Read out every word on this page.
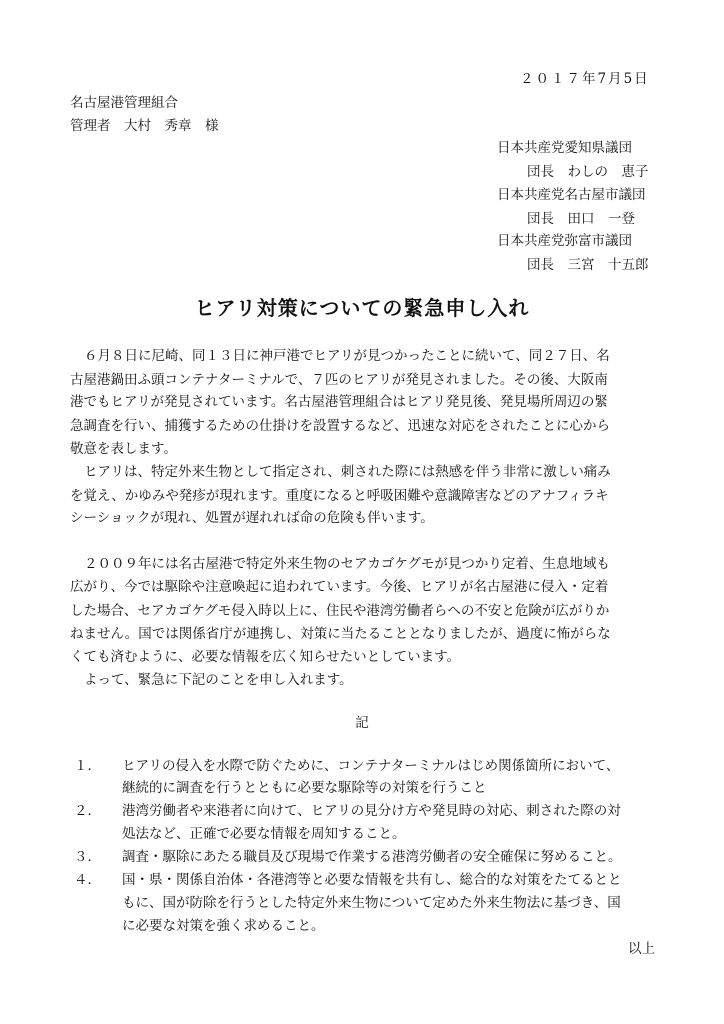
２０１７年7月5日
名古屋港管理組合
管理者　大村　秀章　様
日本共産党愛知県議団
団長　わしの　恵子
日本共産党名古屋市議団
団長　田口　一登
日本共産党弥富市議団
団長　三宮　十五郎
ヒアリ対策についての緊急申し入れ
６月８日に尼崎、同１３日に神戸港でヒアリが見つかったことに続いて、同２７日、名
古屋港鍋田ふ頭コンテナターミナルで、７匹のヒアリが発見されました。その後、大阪南
港でもヒアリが発見されています。名古屋港管理組合はヒアリ発見後、発見場所周辺の緊
急調査を行い、捕獲するための仕掛けを設置するなど、迅速な対応をされたことに心から
敬意を表します。
ヒアリは、特定外来生物として指定され、刺された際には熱感を伴う非常に激しい痛み
を覚え、かゆみや発疹が現れます。重度になると呼吸困難や意識障害などのアナフィラキ
シーショックが現れ、処置が遅れれば命の危険も伴います。
２００９年には名古屋港で特定外来生物のセアカゴケグモが見つかり定着、生息地域も
広がり、今では駆除や注意喚起に追われています。今後、ヒアリが名古屋港に侵入・定着
した場合、セアカゴケグモ侵入時以上に、住民や港湾労働者らへの不安と危険が広がりか
ねません。国では関係省庁が連携し、対策に当たることとなりましたが、過度に怖がらな
くても済むように、必要な情報を広く知らせたいとしています。
よって、緊急に下記のことを申し入れます。
記
１． ヒアリの侵入を水際で防ぐために、コンテナターミナルはじめ関係箇所において、
継続的に調査を行うとともに必要な駆除等の対策を行うこと
２． 港湾労働者や来港者に向けて、ヒアリの見分け方や発見時の対応、刺された際の対
処法など、正確で必要な情報を周知すること。
３． 調査・駆除にあたる職員及び現場で作業する港湾労働者の安全確保に努めること。
４． 国・県・関係自治体・各港湾等と必要な情報を共有し、総合的な対策をたてるとと
もに、国が防除を行うとした特定外来生物について定めた外来生物法に基づき、国
に必要な対策を強く求めること。
以上
